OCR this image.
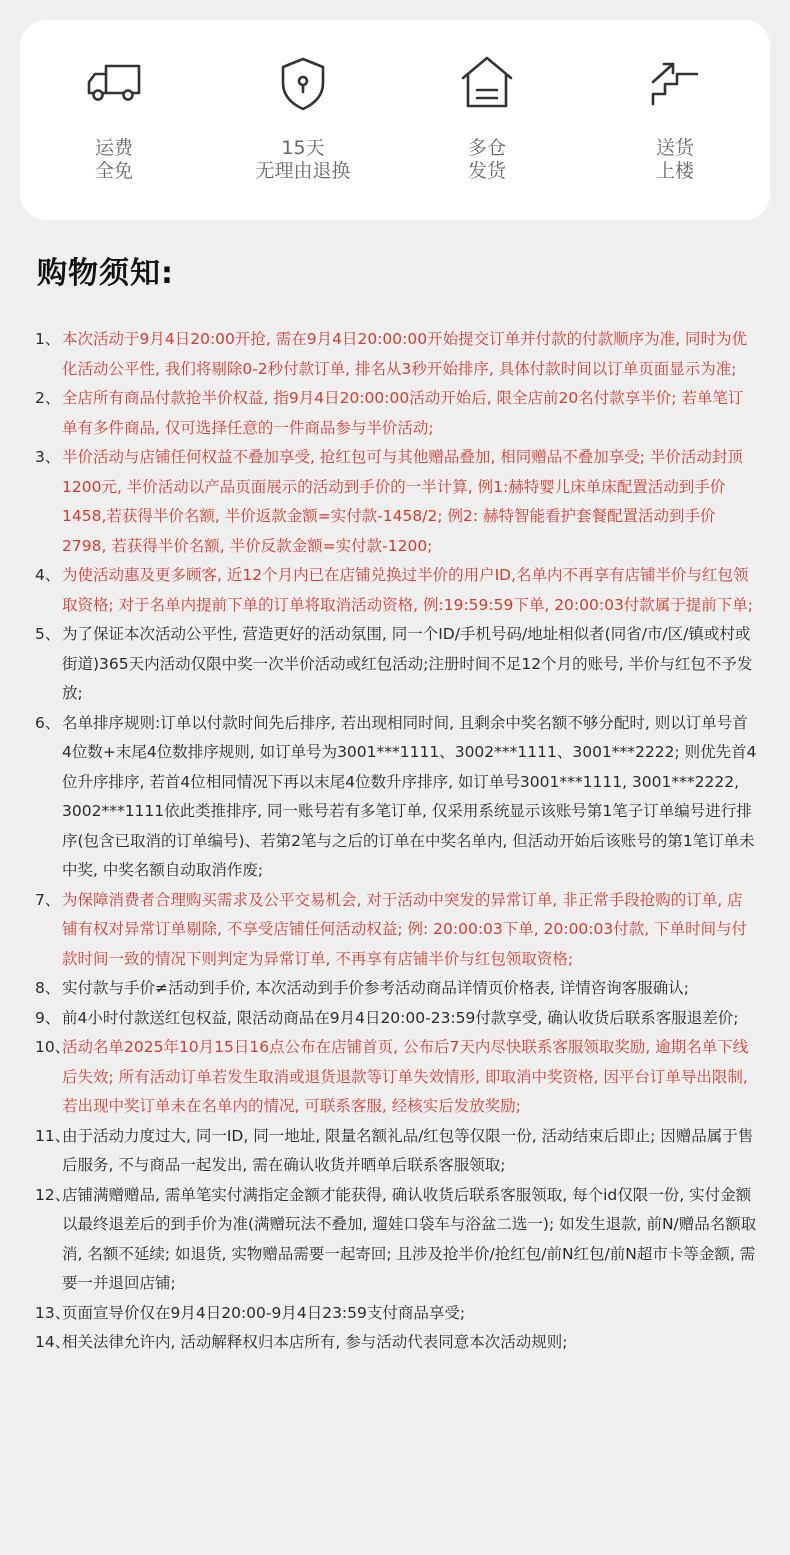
运费
全免
15天
无理由退换
多仓
发货
送货
上楼
购物须知:
1、 本次活动于9月4日20:00开抢, 需在9月4日20:00:00开始提交订单并付款的付款顺序为准, 同时为优化活动公平性, 我们将剔除0-2秒付款订单, 排名从3秒开始排序, 具体付款时间以订单页面显示为准;
2、 全店所有商品付款抢半价权益, 指9月4日20:00:00活动开始后, 限全店前20名付款享半价; 若单笔订单有多件商品, 仅可选择任意的一件商品参与半价活动;
3、 半价活动与店铺任何权益不叠加享受, 抢红包可与其他赠品叠加, 相同赠品不叠加享受; 半价活动封顶1200元, 半价活动以产品页面展示的活动到手价的一半计算, 例1:赫特婴儿床单床配置活动到手价1458,若获得半价名额, 半价返款金额=实付款-1458/2; 例2: 赫特智能看护套餐配置活动到手价2798, 若获得半价名额, 半价反款金额=实付款-1200;
4、 为使活动惠及更多顾客, 近12个月内已在店铺兑换过半价的用户ID,名单内不再享有店铺半价与红包领取资格; 对于名单内提前下单的订单将取消活动资格, 例:19:59:59下单, 20:00:03付款属于提前下单;
5、 为了保证本次活动公平性, 营造更好的活动氛围, 同一个ID/手机号码/地址相似者(同省/市/区/镇或村或街道)365天内活动仅限中奖一次半价活动或红包活动;注册时间不足12个月的账号, 半价与红包不予发放;
6、 名单排序规则:订单以付款时间先后排序, 若出现相同时间, 且剩余中奖名额不够分配时, 则以订单号首4位数+末尾4位数排序规则, 如订单号为3001***1111、3002***1111、3001***2222; 则优先首4位升序排序, 若首4位相同情况下再以末尾4位数升序排序, 如订单号3001***1111, 3001***2222, 3002***1111依此类推排序, 同一账号若有多笔订单, 仅采用系统显示该账号第1笔子订单编号进行排序(包含已取消的订单编号)、若第2笔与之后的订单在中奖名单内, 但活动开始后该账号的第1笔订单未中奖, 中奖名额自动取消作废;
7、 为保障消费者合理购买需求及公平交易机会, 对于活动中突发的异常订单, 非正常手段抢购的订单, 店铺有权对异常订单剔除, 不享受店铺任何活动权益; 例: 20:00:03下单, 20:00:03付款, 下单时间与付款时间一致的情况下则判定为异常订单, 不再享有店铺半价与红包领取资格;
8、 实付款与手价≠活动到手价, 本次活动到手价参考活动商品详情页价格表, 详情咨询客服确认;
9、 前4小时付款送红包权益, 限活动商品在9月4日20:00-23:59付款享受, 确认收货后联系客服退差价;
10、
活动名单2025年10月15日16点公布在店铺首页, 公布后7天内尽快联系客服领取奖励, 逾期名单下线后失效; 所有活动订单若发生取消或退货退款等订单失效情形, 即取消中奖资格, 因平台订单导出限制, 若出现中奖订单未在名单内的情况, 可联系客服, 经核实后发放奖励;
11、
由于活动力度过大, 同一ID, 同一地址, 限量名额礼品/红包等仅限一份, 活动结束后即止; 因赠品属于售后服务, 不与商品一起发出, 需在确认收货并晒单后联系客服领取;
12、
店铺满赠赠品, 需单笔实付满指定金额才能获得, 确认收货后联系客服领取, 每个id仅限一份, 实付金额以最终退差后的到手价为准(满赠玩法不叠加, 遛娃口袋车与浴盆二选一); 如发生退款, 前N/赠品名额取消, 名额不延续; 如退货, 实物赠品需要一起寄回; 且涉及抢半价/抢红包/前N红包/前N超市卡等金额, 需要一并退回店铺;
13、
页面宣导价仅在9月4日20:00-9月4日23:59支付商品享受;
14、
相关法律允许内, 活动解释权归本店所有, 参与活动代表同意本次活动规则;
